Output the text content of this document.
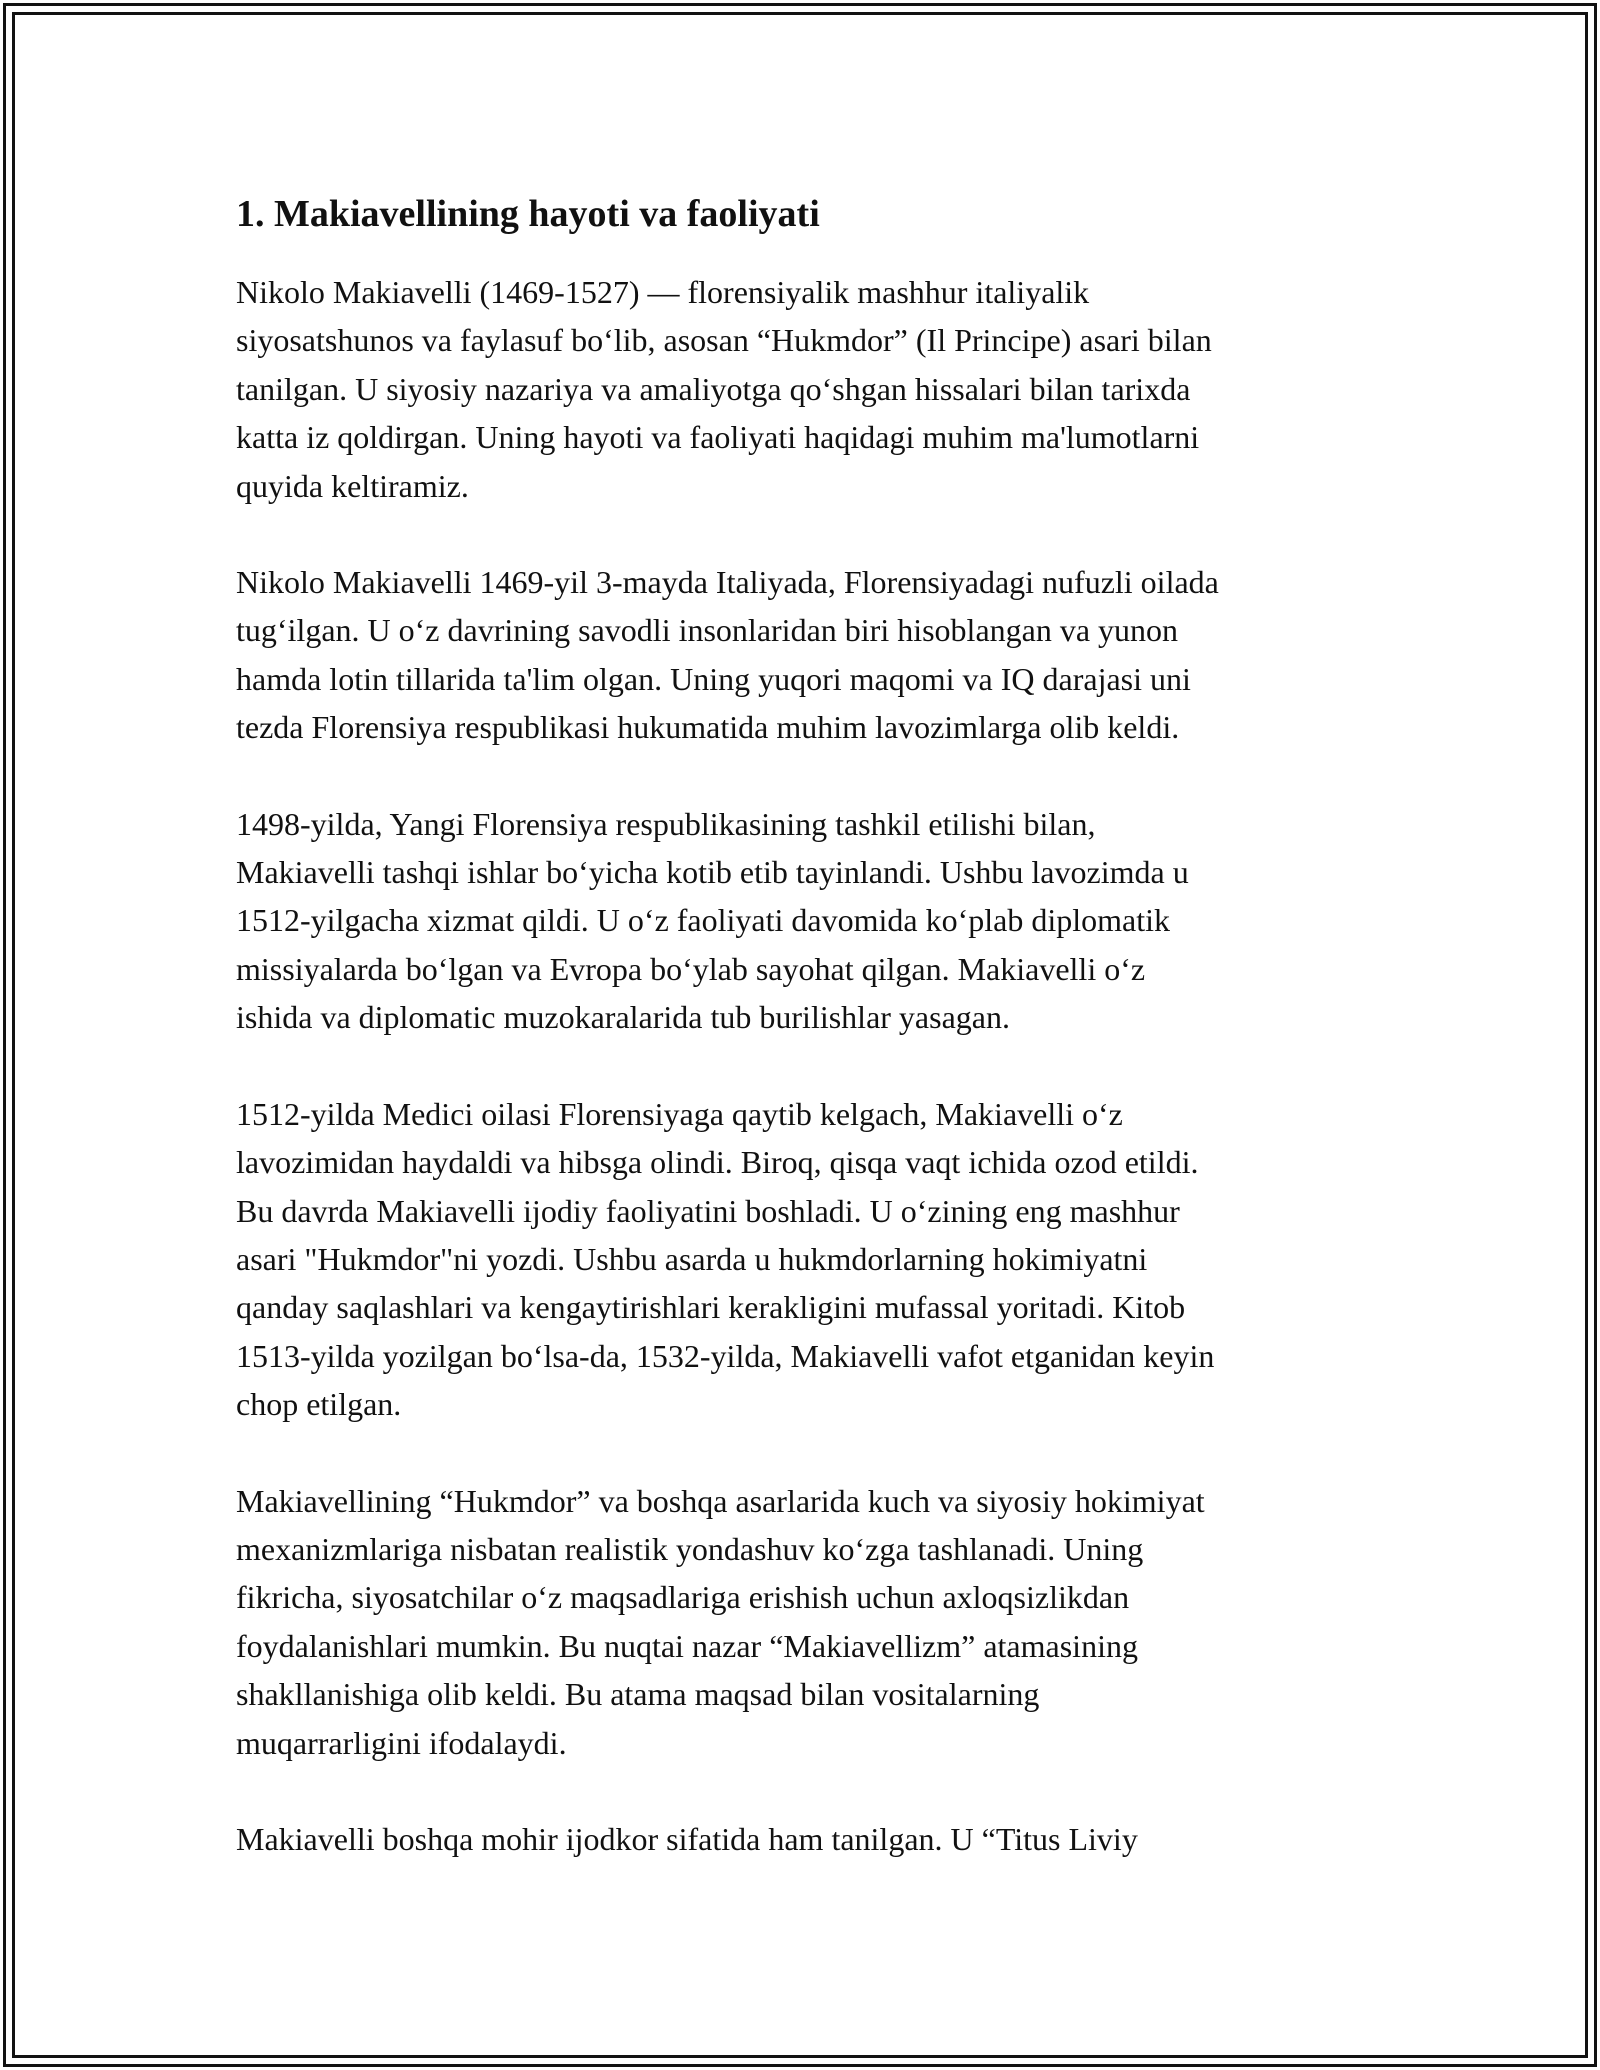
1. Makiavellining hayoti va faoliyati

Nikolo Makiavelli (1469-1527) — florensiyalik mashhur italiyalik
siyosatshunos va faylasuf bo‘lib, asosan “Hukmdor” (Il Principe) asari bilan
tanilgan. U siyosiy nazariya va amaliyotga qo‘shgan hissalari bilan tarixda
katta iz qoldirgan. Uning hayoti va faoliyati haqidagi muhim ma'lumotlarni
quyida keltiramiz.

Nikolo Makiavelli 1469-yil 3-mayda Italiyada, Florensiyadagi nufuzli oilada
tug‘ilgan. U o‘z davrining savodli insonlaridan biri hisoblangan va yunon
hamda lotin tillarida ta'lim olgan. Uning yuqori maqomi va IQ darajasi uni
tezda Florensiya respublikasi hukumatida muhim lavozimlarga olib keldi.

1498-yilda, Yangi Florensiya respublikasining tashkil etilishi bilan,
Makiavelli tashqi ishlar bo‘yicha kotib etib tayinlandi. Ushbu lavozimda u
1512-yilgacha xizmat qildi. U o‘z faoliyati davomida ko‘plab diplomatik
missiyalarda bo‘lgan va Evropa bo‘ylab sayohat qilgan. Makiavelli o‘z
ishida va diplomatic muzokaralarida tub burilishlar yasagan.

1512-yilda Medici oilasi Florensiyaga qaytib kelgach, Makiavelli o‘z
lavozimidan haydaldi va hibsga olindi. Biroq, qisqa vaqt ichida ozod etildi.
Bu davrda Makiavelli ijodiy faoliyatini boshladi. U o‘zining eng mashhur
asari "Hukmdor"ni yozdi. Ushbu asarda u hukmdorlarning hokimiyatni
qanday saqlashlari va kengaytirishlari kerakligini mufassal yoritadi. Kitob
1513-yilda yozilgan bo‘lsa-da, 1532-yilda, Makiavelli vafot etganidan keyin
chop etilgan.

Makiavellining “Hukmdor” va boshqa asarlarida kuch va siyosiy hokimiyat
mexanizmlariga nisbatan realistik yondashuv ko‘zga tashlanadi. Uning
fikricha, siyosatchilar o‘z maqsadlariga erishish uchun axloqsizlikdan
foydalanishlari mumkin. Bu nuqtai nazar “Makiavellizm” atamasining
shakllanishiga olib keldi. Bu atama maqsad bilan vositalarning
muqarrarligini ifodalaydi.

Makiavelli boshqa mohir ijodkor sifatida ham tanilgan. U “Titus Liviy
